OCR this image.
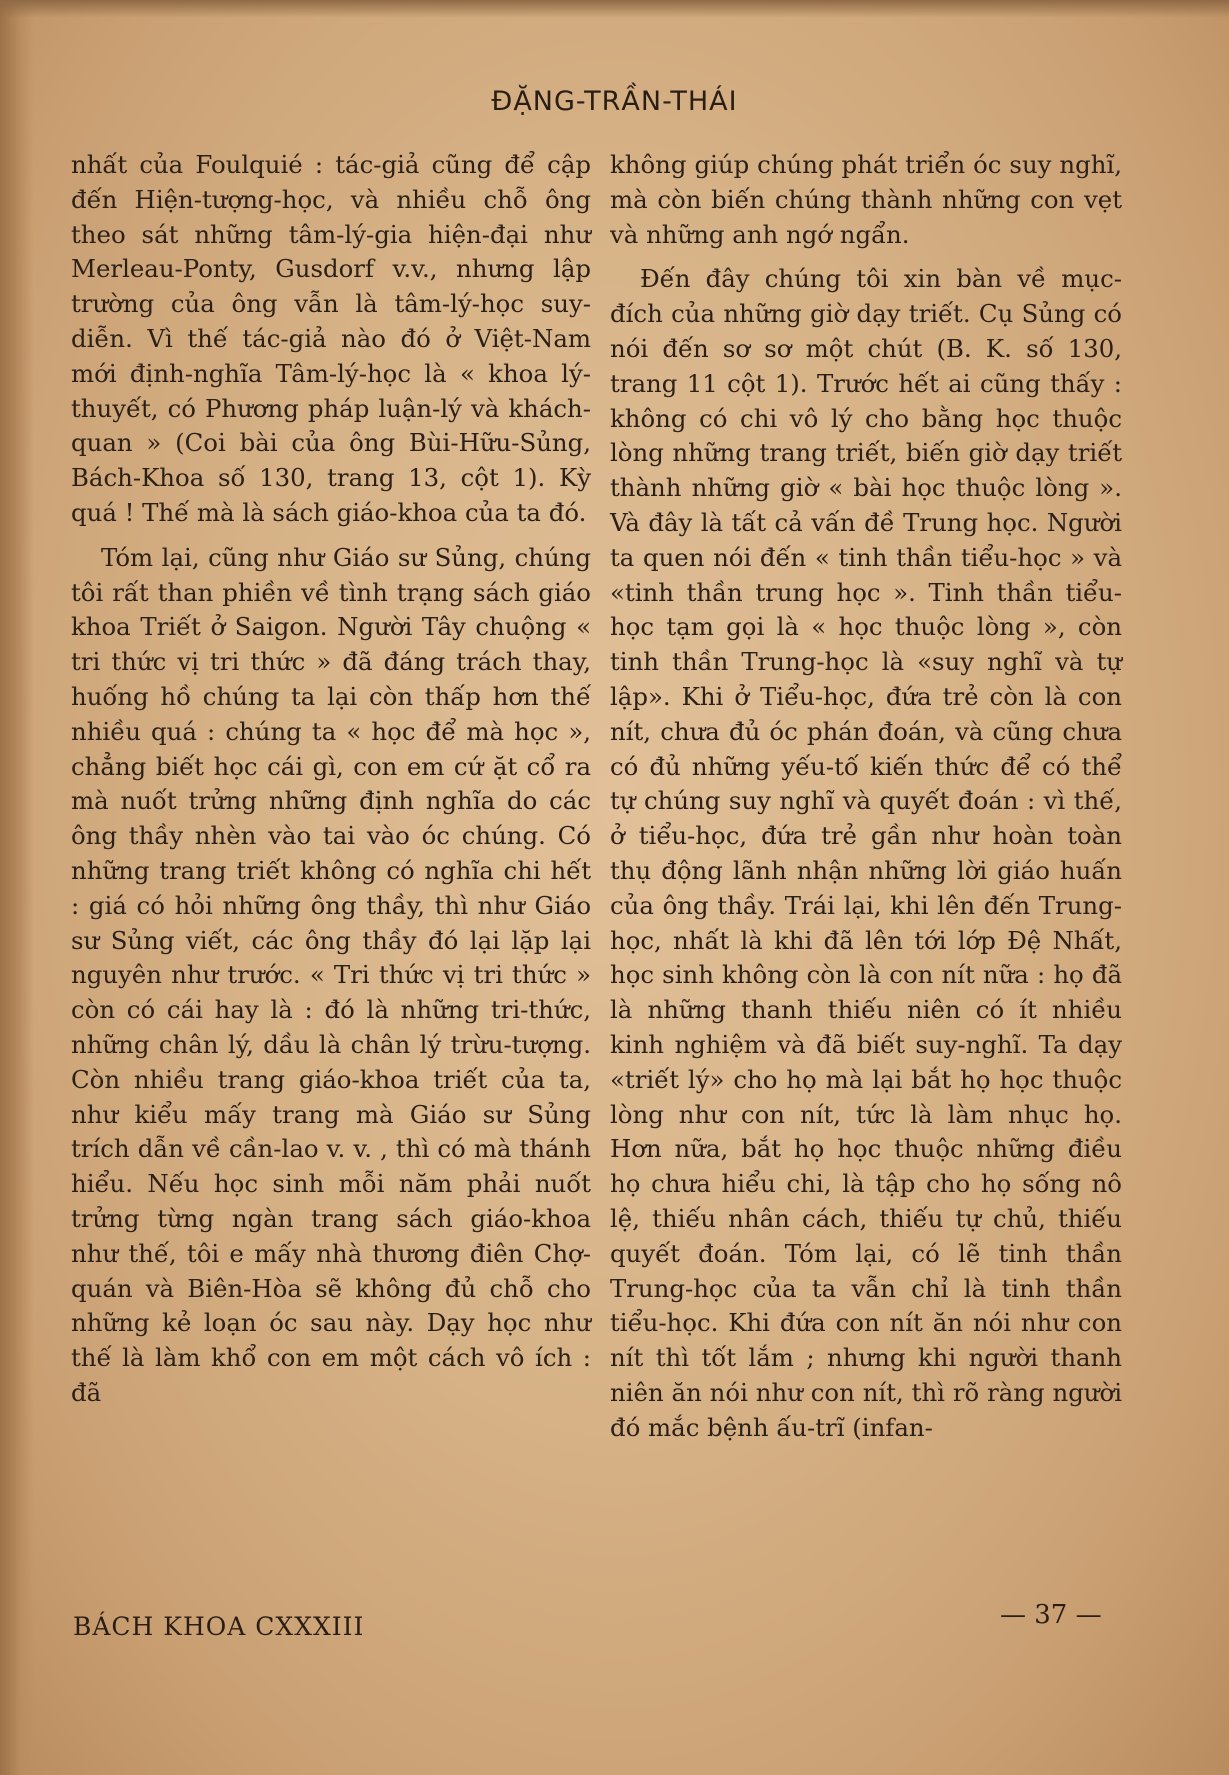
ĐẶNG-TRẦN-THÁI

nhất của Foulquié : tác-giả cũng để cập đến Hiện-tượng-học, và nhiều chỗ ông theo sát những tâm-lý-gia hiện-đại như Merleau-Ponty, Gusdorf v.v., nhưng lập trường của ông vẫn là tâm-lý-học suy-diễn. Vì thế tác-giả nào đó ở Việt-Nam mới định-nghĩa Tâm-lý-học là « khoa lý-thuyết, có Phương pháp luận-lý và khách-quan » (Coi bài của ông Bùi-Hữu-Sủng, Bách-Khoa số 130, trang 13, cột 1). Kỳ quá ! Thế mà là sách giáo-khoa của ta đó.

Tóm lại, cũng như Giáo sư Sủng, chúng tôi rất than phiền về tình trạng sách giáo khoa Triết ở Saigon. Người Tây chuộng « tri thức vị tri thức » đã đáng trách thay, huống hồ chúng ta lại còn thấp hơn thế nhiều quá : chúng ta « học để mà học », chẳng biết học cái gì, con em cứ ặt cổ ra mà nuốt trửng những định nghĩa do các ông thầy nhèn vào tai vào óc chúng. Có những trang triết không có nghĩa chi hết : giá có hỏi những ông thầy, thì như Giáo sư Sủng viết, các ông thầy đó lại lặp lại nguyên như trước. « Tri thức vị tri thức » còn có cái hay là : đó là những tri-thức, những chân lý, dầu là chân lý trừu-tượng. Còn nhiều trang giáo-khoa triết của ta, như kiểu mấy trang mà Giáo sư Sủng trích dẫn về cần-lao v. v. , thì có mà thánh hiểu. Nếu học sinh mỗi năm phải nuốt trửng từng ngàn trang sách giáo-khoa như thế, tôi e mấy nhà thương điên Chợ-quán và Biên-Hòa sẽ không đủ chỗ cho những kẻ loạn óc sau này. Dạy học như thế là làm khổ con em một cách vô ích : đã

không giúp chúng phát triển óc suy nghĩ, mà còn biến chúng thành những con vẹt và những anh ngớ ngẩn.

Đến đây chúng tôi xin bàn về mục-đích của những giờ dạy triết. Cụ Sủng có nói đến sơ sơ một chút (B. K. số 130, trang 11 cột 1). Trước hết ai cũng thấy : không có chi vô lý cho bằng học thuộc lòng những trang triết, biến giờ dạy triết thành những giờ « bài học thuộc lòng ». Và đây là tất cả vấn đề Trung học. Người ta quen nói đến « tinh thần tiểu-học » và «tinh thần trung học ». Tinh thần tiểu-học tạm gọi là « học thuộc lòng », còn tinh thần Trung-học là «suy nghĩ và tự lập». Khi ở Tiểu-học, đứa trẻ còn là con nít, chưa đủ óc phán đoán, và cũng chưa có đủ những yếu-tố kiến thức để có thể tự chúng suy nghĩ và quyết đoán : vì thế, ở tiểu-học, đứa trẻ gần như hoàn toàn thụ động lãnh nhận những lời giáo huấn của ông thầy. Trái lại, khi lên đến Trung-học, nhất là khi đã lên tới lớp Đệ Nhất, học sinh không còn là con nít nữa : họ đã là những thanh thiếu niên có ít nhiều kinh nghiệm và đã biết suy-nghĩ. Ta dạy «triết lý» cho họ mà lại bắt họ học thuộc lòng như con nít, tức là làm nhục họ. Hơn nữa, bắt họ học thuộc những điều họ chưa hiểu chi, là tập cho họ sống nô lệ, thiếu nhân cách, thiếu tự chủ, thiếu quyết đoán. Tóm lại, có lẽ tinh thần Trung-học của ta vẫn chỉ là tinh thần tiểu-học. Khi đứa con nít ăn nói như con nít thì tốt lắm ; nhưng khi người thanh niên ăn nói như con nít, thì rõ ràng người đó mắc bệnh ấu-trĩ (infan-

BÁCH KHOA CXXXIII	— 37 —
